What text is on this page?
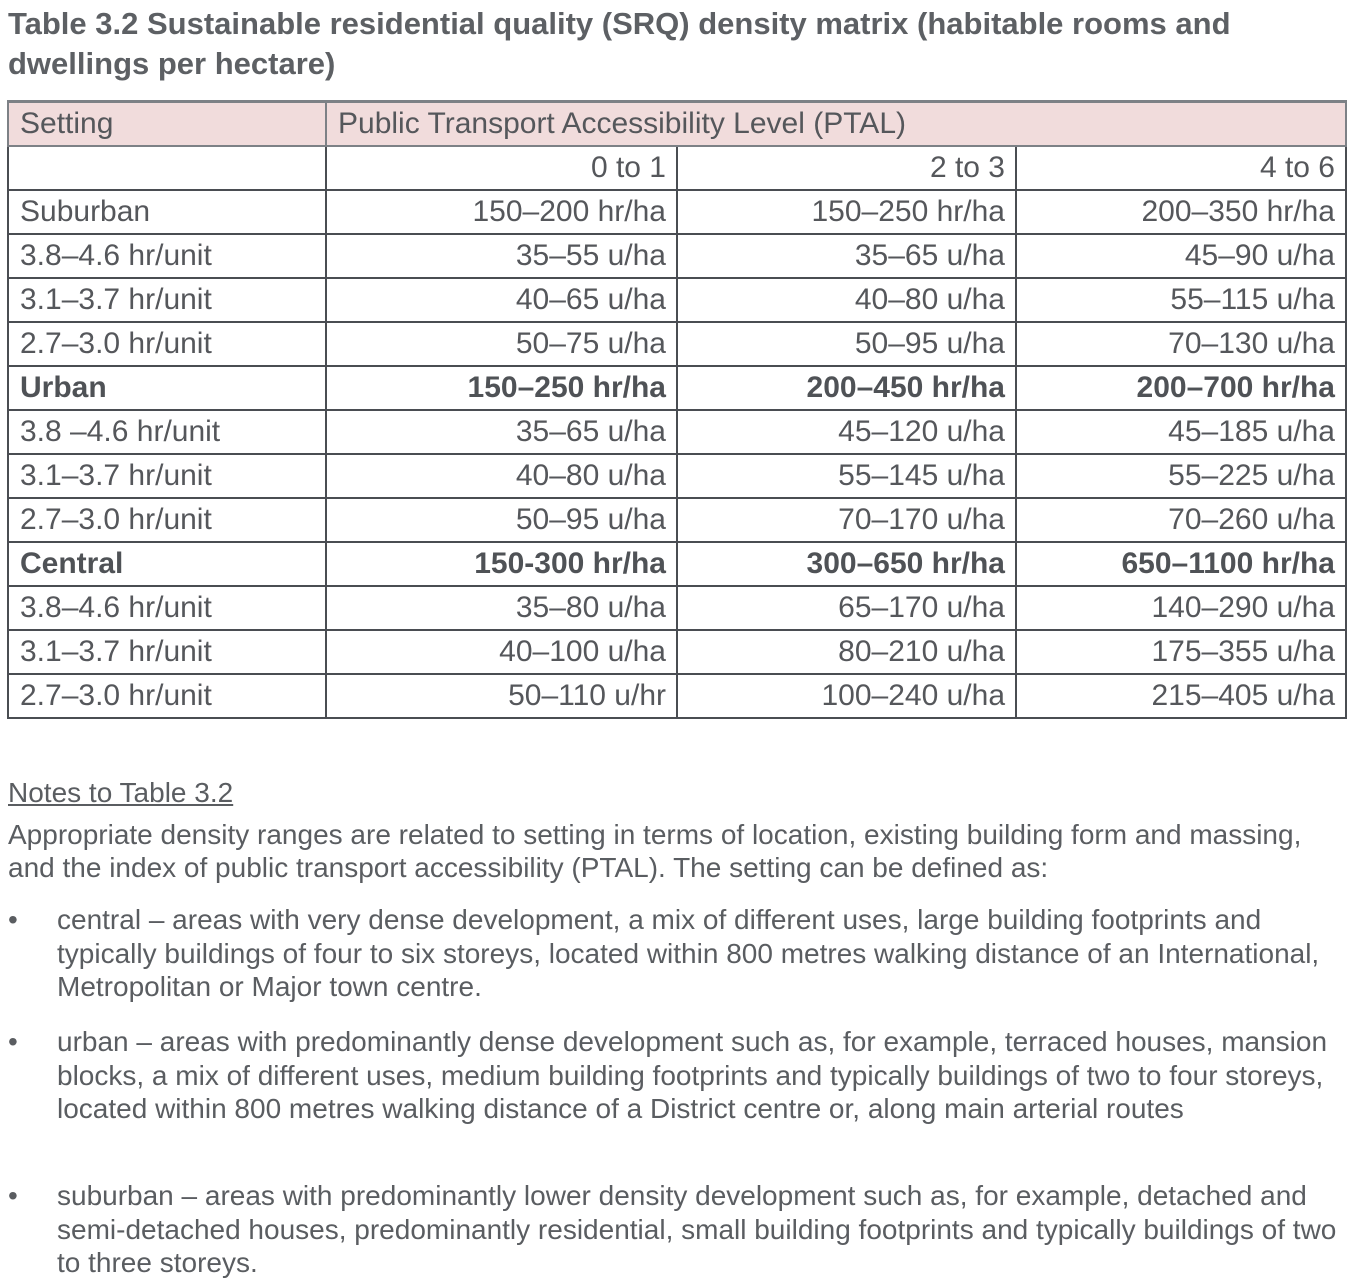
Table 3.2 Sustainable residential quality (SRQ) density matrix (habitable rooms and dwellings per hectare)
Setting	Public Transport Accessibility Level (PTAL)		
	0 to 1	2 to 3	4 to 6
Suburban	150–200 hr/ha	150–250 hr/ha	200–350 hr/ha
3.8–4.6 hr/unit	35–55 u/ha	35–65 u/ha	45–90 u/ha
3.1–3.7 hr/unit	40–65 u/ha	40–80 u/ha	55–115 u/ha
2.7–3.0 hr/unit	50–75 u/ha	50–95 u/ha	70–130 u/ha
Urban	150–250 hr/ha	200–450 hr/ha	200–700 hr/ha
3.8 –4.6 hr/unit	35–65 u/ha	45–120 u/ha	45–185 u/ha
3.1–3.7 hr/unit	40–80 u/ha	55–145 u/ha	55–225 u/ha
2.7–3.0 hr/unit	50–95 u/ha	70–170 u/ha	70–260 u/ha
Central	150-300 hr/ha	300–650 hr/ha	650–1100 hr/ha
3.8–4.6 hr/unit	35–80 u/ha	65–170 u/ha	140–290 u/ha
3.1–3.7 hr/unit	40–100 u/ha	80–210 u/ha	175–355 u/ha
2.7–3.0 hr/unit	50–110 u/hr	100–240 u/ha	215–405 u/ha
Notes to Table 3.2

Appropriate density ranges are related to setting in terms of location, existing building form and massing, and the index of public transport accessibility (PTAL). The setting can be defined as:

•	central – areas with very dense development, a mix of different uses, large building footprints and typically buildings of four to six storeys, located within 800 metres walking distance of an International, Metropolitan or Major town centre.
•	urban – areas with predominantly dense development such as, for example, terraced houses, mansion blocks, a mix of different uses, medium building footprints and typically buildings of two to four storeys, located within 800 metres walking distance of a District centre or, along main arterial routes
•	suburban – areas with predominantly lower density development such as, for example, detached and semi-detached houses, predominantly residential, small building footprints and typically buildings of two to three storeys.
